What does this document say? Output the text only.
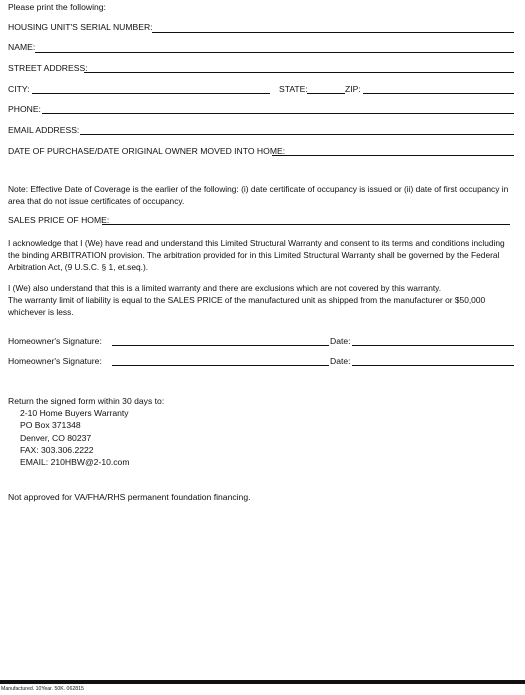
Please print the following:
HOUSING UNIT'S SERIAL NUMBER:
NAME:
STREET ADDRESS:
CITY:	STATE:	ZIP:
PHONE:
EMAIL ADDRESS:
DATE OF PURCHASE/DATE ORIGINAL OWNER MOVED INTO HOME:
Note: Effective Date of Coverage is the earlier of the following: (i) date certificate of occupancy is issued or (ii) date of first occupancy in area that do not issue certificates of occupancy.
SALES PRICE OF HOME:
I acknowledge that I (We) have read and understand this Limited Structural Warranty and consent to its terms and conditions including the binding ARBITRATION provision. The arbitration provided for in this Limited Structural Warranty shall be governed by the Federal Arbitration Act, (9 U.S.C. § 1, et.seq.).
I (We) also understand that this is a limited warranty and there are exclusions which are not covered by this warranty.
The warranty limit of liability is equal to the SALES PRICE of the manufactured unit as shipped from the manufacturer or $50,000 whichever is less.
Homeowner's Signature:	Date:
Homeowner's Signature:	Date:
Return the signed form within 30 days to:
2-10 Home Buyers Warranty
PO Box 371348
Denver, CO 80237
FAX: 303.306.2222
EMAIL: 210HBW@2-10.com
Not approved for VA/FHA/RHS permanent foundation financing.
Manufactured. 10Year. 50K. 062815
